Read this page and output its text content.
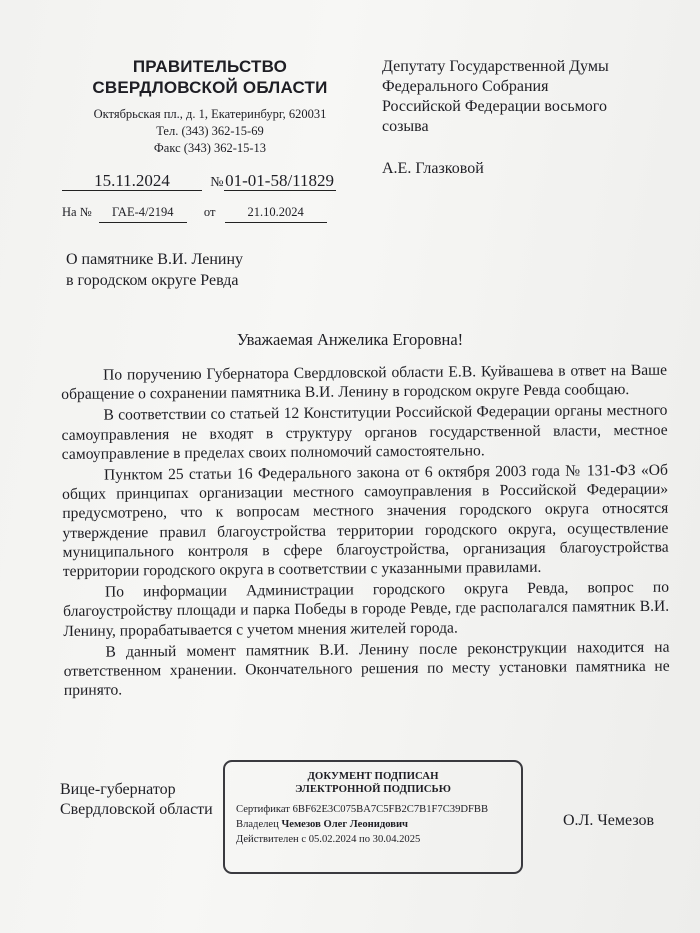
ПРАВИТЕЛЬСТВО
СВЕРДЛОВСКОЙ ОБЛАСТИ
Октябрьская пл., д. 1, Екатеринбург, 620031
Тел. (343) 362-15-69
Факс (343) 362-15-13
Депутату Государственной Думы
Федерального Собрания
Российской Федерации восьмого
созыва
А.Е. Глазковой
15.11.2024	№01-01-58/11829
На № ГАЕ-4/2194 от	21.10.2024
О памятнике В.И. Ленину
в городском округе Ревда
Уважаемая Анжелика Егоровна!

По поручению Губернатора Свердловской области Е.В. Куйвашева в ответ на Ваше обращение о сохранении памятника В.И. Ленину в городском округе Ревда сообщаю.

В соответствии со статьей 12 Конституции Российской Федерации органы местного самоуправления не входят в структуру органов государственной власти, местное самоуправление в пределах своих полномочий самостоятельно.

Пунктом 25 статьи 16 Федерального закона от 6 октября 2003 года № 131-ФЗ «Об общих принципах организации местного самоуправления в Российской Федерации» предусмотрено, что к вопросам местного значения городского округа относятся утверждение правил благоустройства территории городского округа, осуществление муниципального контроля в сфере благоустройства, организация благоустройства территории городского округа в соответствии с указанными правилами.

По информации Администрации городского округа Ревда, вопрос по благоустройству площади и парка Победы в городе Ревде, где располагался памятник В.И. Ленину, прорабатывается с учетом мнения жителей города.

В данный момент памятник В.И. Ленину после реконструкции находится на ответственном хранении. Окончательного решения по месту установки памятника не принято.

Вице-губернатор
Свердловской области
ДОКУМЕНТ ПОДПИСАН
ЭЛЕКТРОННОЙ ПОДПИСЬЮ
Сертификат 6BF62E3C075BA7C5FB2C7B1F7C39DFBB
Владелец Чемезов Олег Леонидович
Действителен с 05.02.2024 по 30.04.2025
О.Л. Чемезов
